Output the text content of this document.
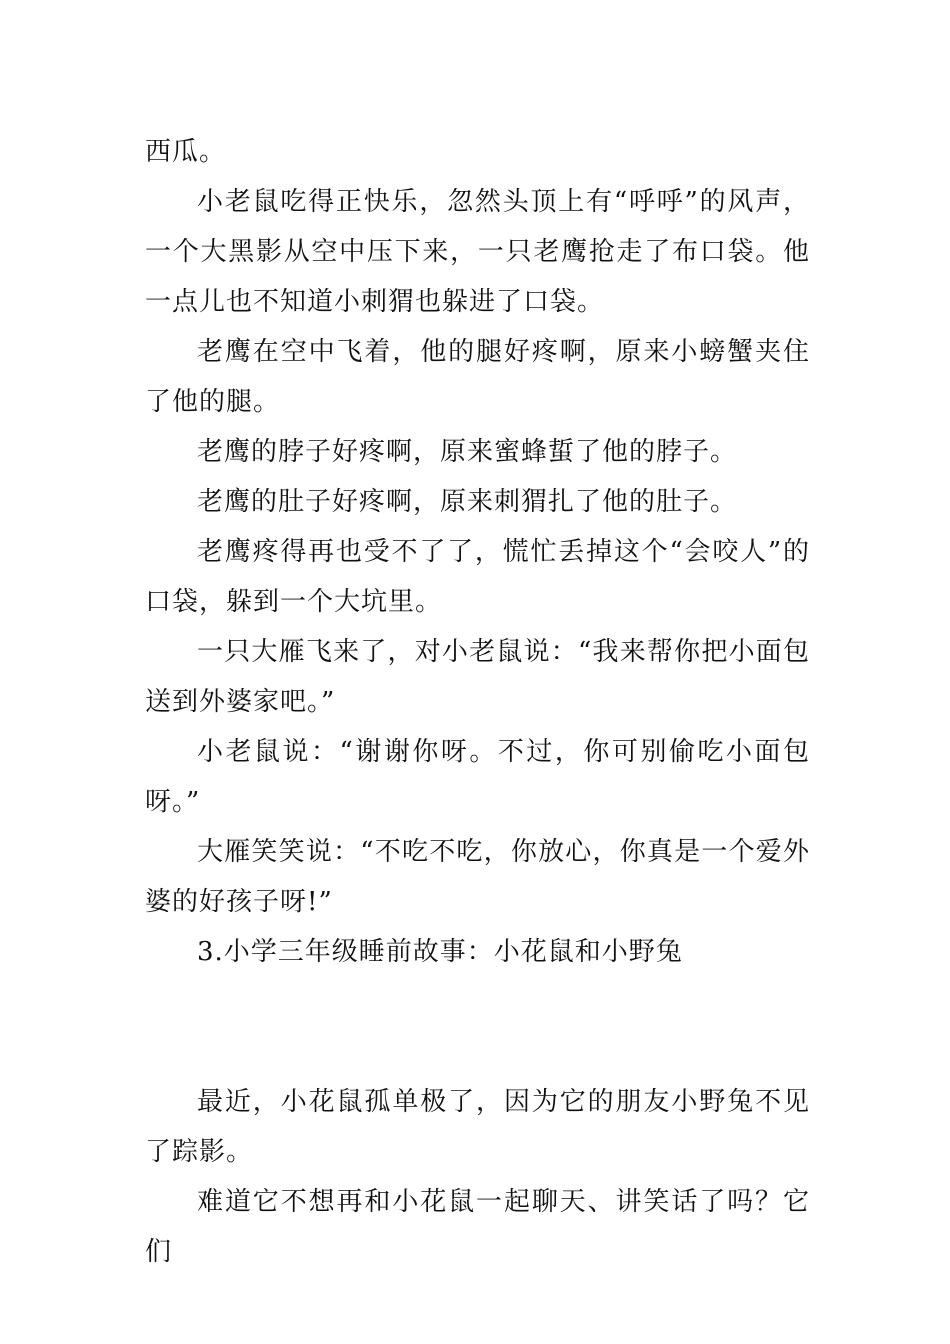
西瓜。

小老鼠吃得正快乐，忽然头顶上有“呼呼”的风声，一个大黑影从空中压下来，一只老鹰抢走了布口袋。他一点儿也不知道小刺猬也躲进了口袋。

老鹰在空中飞着，他的腿好疼啊，原来小螃蟹夹住了他的腿。

老鹰的脖子好疼啊，原来蜜蜂蜇了他的脖子。

老鹰的肚子好疼啊，原来刺猬扎了他的肚子。

老鹰疼得再也受不了了，慌忙丢掉这个“会咬人”的口袋，躲到一个大坑里。

一只大雁飞来了，对小老鼠说：“我来帮你把小面包送到外婆家吧。”

小老鼠说：“谢谢你呀。不过，你可别偷吃小面包呀。”

大雁笑笑说：“不吃不吃，你放心，你真是一个爱外婆的好孩子呀!”

3.小学三年级睡前故事：小花鼠和小野兔

最近，小花鼠孤单极了，因为它的朋友小野兔不见了踪影。

难道它不想再和小花鼠一起聊天、讲笑话了吗？它们
